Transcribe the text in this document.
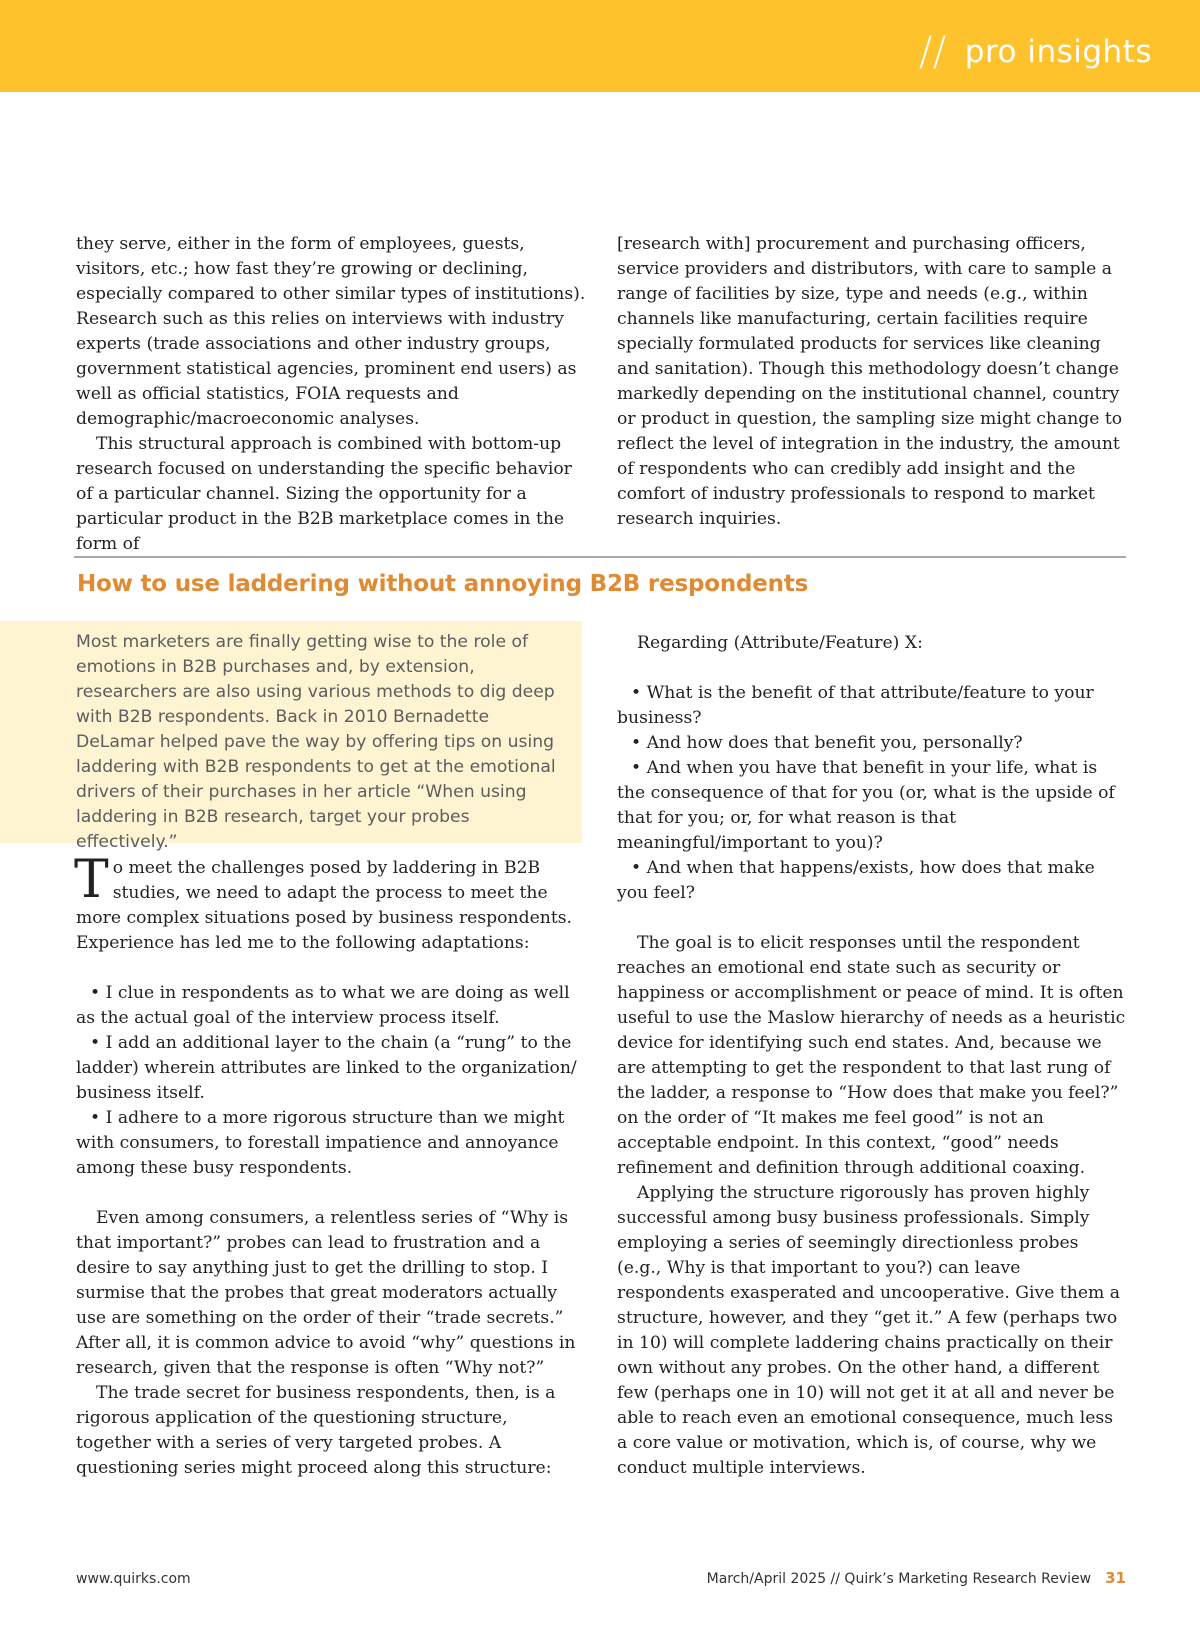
// pro insights

they serve, either in the form of employees, guests, visitors, etc.; how fast they’re growing or declining, especially compared to other similar types of institutions). Research such as this relies on interviews with industry experts (trade associations and other industry groups, government statistical agencies, prominent end users) as well as official statistics, FOIA requests and demographic/macroeconomic analyses.

This structural approach is combined with bottom-up research focused on understanding the specific behavior of a particular channel. Sizing the opportunity for a particular product in the B2B marketplace comes in the form of

[research with] procurement and purchasing officers, service providers and distributors, with care to sample a range of facilities by size, type and needs (e.g., within channels like manufacturing, certain facilities require specially formulated products for services like cleaning and sanitation). Though this methodology doesn’t change markedly depending on the institutional channel, country or product in question, the sampling size might change to reflect the level of integration in the industry, the amount of respondents who can credibly add insight and the comfort of industry professionals to respond to market research inquiries.

How to use laddering without annoying B2B respondents

Most marketers are finally getting wise to the role of emotions in B2B purchases and, by extension, researchers are also using various methods to dig deep with B2B respondents. Back in 2010 Bernadette DeLamar helped pave the way by offering tips on using laddering with B2B respondents to get at the emotional drivers of their purchases in her article “When using laddering in B2B research, target your probes effectively.”

To meet the challenges posed by laddering in B2B studies, we need to adapt the process to meet the more complex situations posed by business respondents. Experience has led me to the following adaptations:

• I clue in respondents as to what we are doing as well as the actual goal of the interview process itself.

• I add an additional layer to the chain (a “rung” to the ladder) wherein attributes are linked to the organization/ business itself.

• I adhere to a more rigorous structure than we might with consumers, to forestall impatience and annoyance among these busy respondents.

Even among consumers, a relentless series of “Why is that important?” probes can lead to frustration and a desire to say anything just to get the drilling to stop. I surmise that the probes that great moderators actually use are something on the order of their “trade secrets.” After all, it is common advice to avoid “why” questions in research, given that the response is often “Why not?”

The trade secret for business respondents, then, is a rigorous application of the questioning structure, together with a series of very targeted probes. A questioning series might proceed along this structure:

Regarding (Attribute/Feature) X:

• What is the benefit of that attribute/feature to your business?

• And how does that benefit you, personally?

• And when you have that benefit in your life, what is the consequence of that for you (or, what is the upside of that for you; or, for what reason is that meaningful/important to you)?

• And when that happens/exists, how does that make you feel?

The goal is to elicit responses until the respondent reaches an emotional end state such as security or happiness or accomplishment or peace of mind. It is often useful to use the Maslow hierarchy of needs as a heuristic device for identifying such end states. And, because we are attempting to get the respondent to that last rung of the ladder, a response to “How does that make you feel?” on the order of “It makes me feel good” is not an acceptable endpoint. In this context, “good” needs refinement and definition through additional coaxing.

Applying the structure rigorously has proven highly successful among busy business professionals. Simply employing a series of seemingly directionless probes (e.g., Why is that important to you?) can leave respondents exasperated and uncooperative. Give them a structure, however, and they “get it.” A few (perhaps two in 10) will complete laddering chains practically on their own without any probes. On the other hand, a different few (perhaps one in 10) will not get it at all and never be able to reach even an emotional consequence, much less a core value or motivation, which is, of course, why we conduct multiple interviews.

www.quirks.com	March/April 2025 // Quirk’s Marketing Research Review 31
